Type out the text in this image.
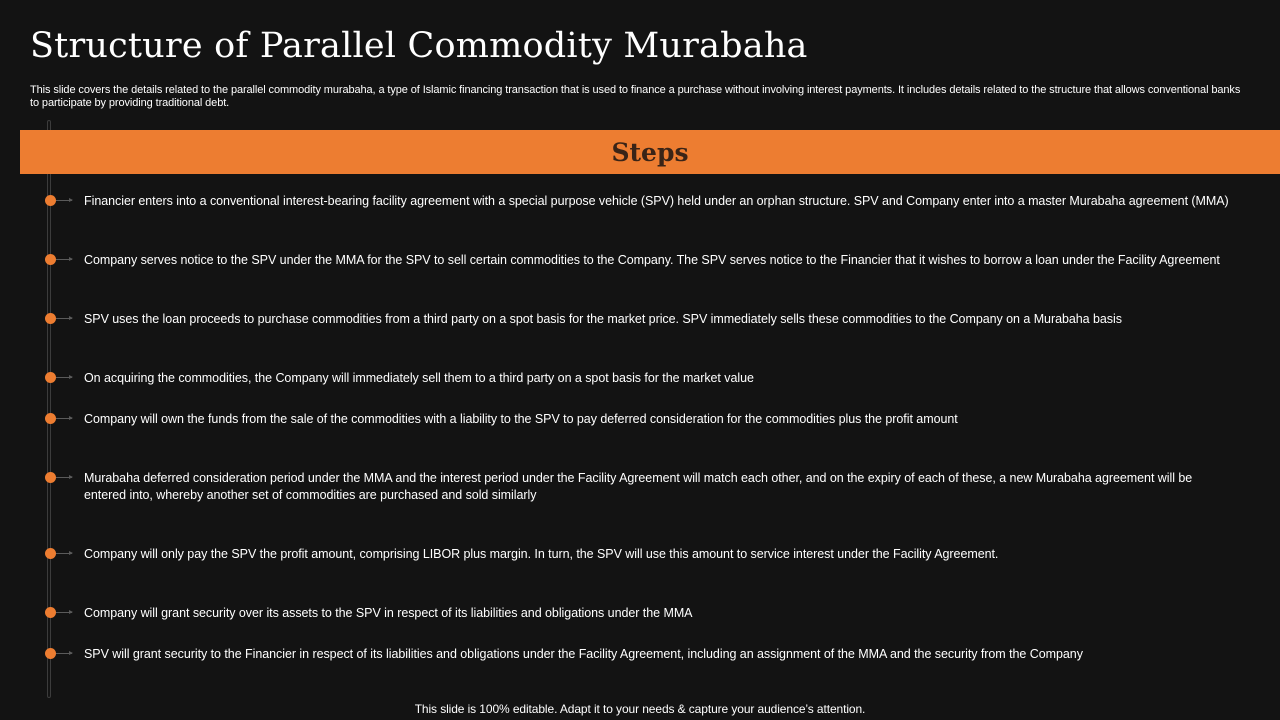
Structure of Parallel Commodity Murabaha

This slide covers the details related to the parallel commodity murabaha, a type of Islamic financing transaction that is used to finance a purchase without involving interest payments. It includes details related to the structure that allows conventional banks to participate by providing traditional debt.

Steps
Financier enters into a conventional interest-bearing facility agreement with a special purpose vehicle (SPV) held under an orphan structure. SPV and Company enter into a master Murabaha agreement (MMA)
Company serves notice to the SPV under the MMA for the SPV to sell certain commodities to the Company. The SPV serves notice to the Financier that it wishes to borrow a loan under the Facility Agreement
SPV uses the loan proceeds to purchase commodities from a third party on a spot basis for the market price. SPV immediately sells these commodities to the Company on a Murabaha basis
On acquiring the commodities, the Company will immediately sell them to a third party on a spot basis for the market value
Company will own the funds from the sale of the commodities with a liability to the SPV to pay deferred consideration for the commodities plus the profit amount
Murabaha deferred consideration period under the MMA and the interest period under the Facility Agreement will match each other, and on the expiry of each of these, a new Murabaha agreement will be entered into, whereby another set of commodities are purchased and sold similarly
Company will only pay the SPV the profit amount, comprising LIBOR plus margin. In turn, the SPV will use this amount to service interest under the Facility Agreement.
Company will grant security over its assets to the SPV in respect of its liabilities and obligations under the MMA
SPV will grant security to the Financier in respect of its liabilities and obligations under the Facility Agreement, including an assignment of the MMA and the security from the Company
This slide is 100% editable. Adapt it to your needs & capture your audience’s attention.
